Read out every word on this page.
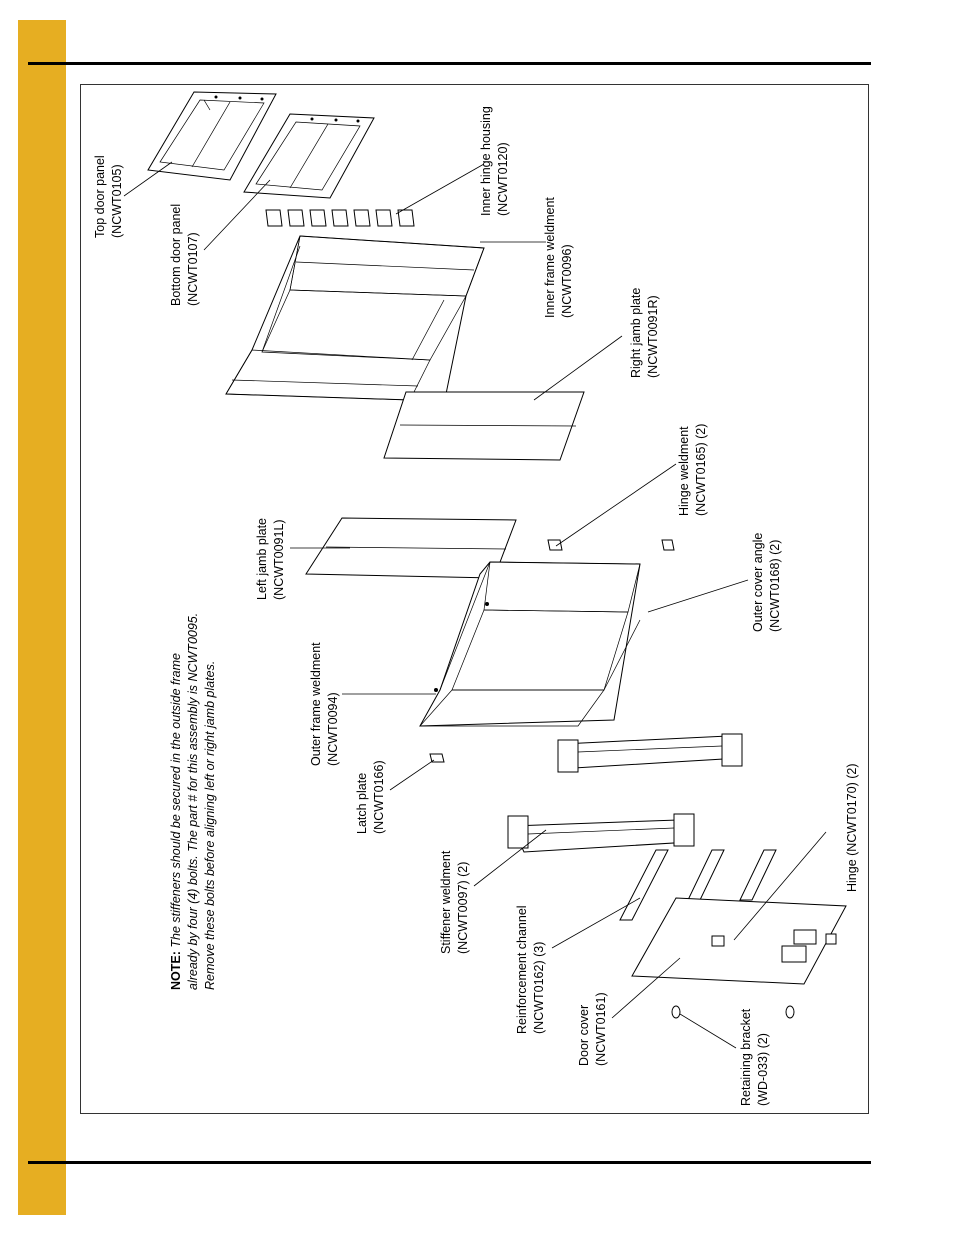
NOTE: The stiffeners should be secured in the outside frame already by four (4) bolts. The part # for this assembly is NCWT0095. Remove these bolts before aligning left or right jamb plates.
Top door panel (NCWT0105)
Bottom door panel (NCWT0107)
Inner hinge housing (NCWT0120)
Inner frame weldment (NCWT0096)
Right jamb plate (NCWT0091R)
Hinge weldment (NCWT0165) (2)
Outer cover angle (NCWT0168) (2)
Left jamb plate (NCWT0091L)
Outer frame weldment (NCWT0094)
Latch plate (NCWT0166)
Stiffener weldment (NCWT0097) (2)	Reinforcement channel (NCWT0162) (3)
Door cover (NCWT0161)	Retaining bracket (WD-033) (2)
Hinge (NCWT0170) (2)
